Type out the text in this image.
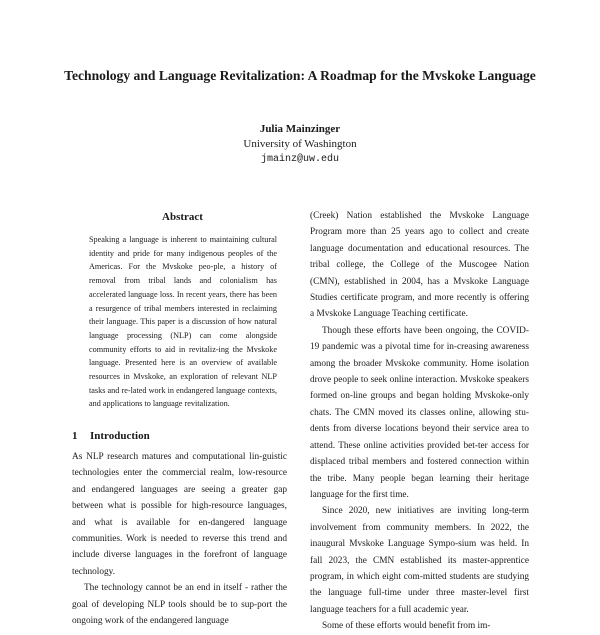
Technology and Language Revitalization: A Roadmap for the Mvskoke Language
Julia Mainzinger
University of Washington
jmainz@uw.edu
Abstract
Speaking a language is inherent to maintaining cultural identity and pride for many indigenous peoples of the Americas. For the Mvskoke peo-ple, a history of removal from tribal lands and colonialism has accelerated language loss. In recent years, there has been a resurgence of tribal members interested in reclaiming their language. This paper is a discussion of how natural language processing (NLP) can come alongside community efforts to aid in revitaliz-ing the Mvskoke language. Presented here is an overview of available resources in Mvskoke, an exploration of relevant NLP tasks and re-lated work in endangered language contexts, and applications to language revitalization.
1 Introduction

As NLP research matures and computational lin-guistic technologies enter the commercial realm, low-resource and endangered languages are seeing a greater gap between what is possible for high-resource languages, and what is available for en-dangered language communities. Work is needed to reverse this trend and include diverse languages in the forefront of language technology.

The technology cannot be an end in itself - rather the goal of developing NLP tools should be to sup-port the ongoing work of the endangered language

(Creek) Nation established the Mvskoke Language Program more than 25 years ago to collect and create language documentation and educational resources. The tribal college, the College of the Muscogee Nation (CMN), established in 2004, has a Mvskoke Language Studies certificate program, and more recently is offering a Mvskoke Language Teaching certificate.

Though these efforts have been ongoing, the COVID-19 pandemic was a pivotal time for in-creasing awareness among the broader Mvskoke community. Home isolation drove people to seek online interaction. Mvskoke speakers formed on-line groups and began holding Mvskoke-only chats. The CMN moved its classes online, allowing stu-dents from diverse locations beyond their service area to attend. These online activities provided bet-ter access for displaced tribal members and fostered connection within the tribe. Many people began learning their heritage language for the first time.

Since 2020, new initiatives are inviting long-term involvement from community members. In 2022, the inaugural Mvskoke Language Sympo-sium was held. In fall 2023, the CMN established its master-apprentice program, in which eight com-mitted students are studying the language full-time under three master-level first language teachers for a full academic year.

Some of these efforts would benefit from im-
